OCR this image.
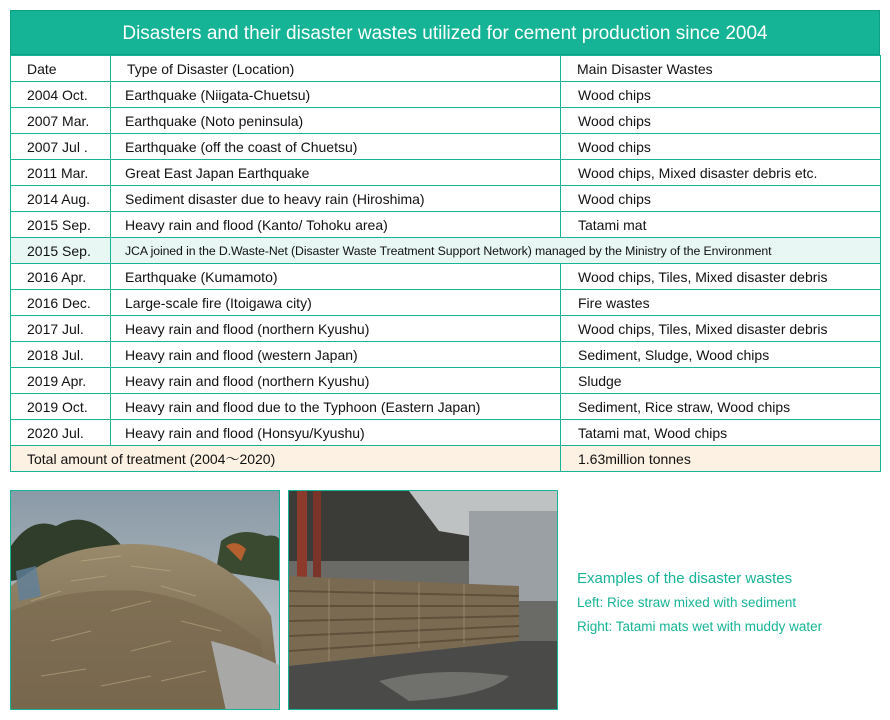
Disasters and their disaster wastes utilized for cement production since 2004
Date	Type of Disaster (Location)	Main Disaster Wastes
2004 Oct.	Earthquake (Niigata-Chuetsu)	Wood chips
2007 Mar.	Earthquake (Noto peninsula)	Wood chips
2007 Jul .	Earthquake (off the coast of Chuetsu)	Wood chips
2011 Mar.	Great East Japan Earthquake	Wood chips, Mixed disaster debris etc.
2014 Aug.	Sediment disaster due to heavy rain (Hiroshima)	Wood chips
2015 Sep.	Heavy rain and flood (Kanto/ Tohoku area)	Tatami mat
2015 Sep.	JCA joined in the D.Waste-Net (Disaster Waste Treatment Support Network) managed by the Ministry of the Environment	
2016 Apr.	Earthquake (Kumamoto)	Wood chips, Tiles, Mixed disaster debris
2016 Dec.	Large-scale fire (Itoigawa city)	Fire wastes
2017 Jul.	Heavy rain and flood (northern Kyushu)	Wood chips, Tiles, Mixed disaster debris
2018 Jul.	Heavy rain and flood (western Japan)	Sediment, Sludge, Wood chips
2019 Apr.	Heavy rain and flood (northern Kyushu)	Sludge
2019 Oct.	Heavy rain and flood due to the Typhoon (Eastern Japan)	Sediment, Rice straw, Wood chips
2020 Jul.	Heavy rain and flood (Honsyu/Kyushu)	Tatami mat, Wood chips
Total amount of treatment (2004〜2020)		1.63million tonnes
Examples of the disaster wastes
Left: Rice straw mixed with sediment
Right: Tatami mats wet with muddy water
